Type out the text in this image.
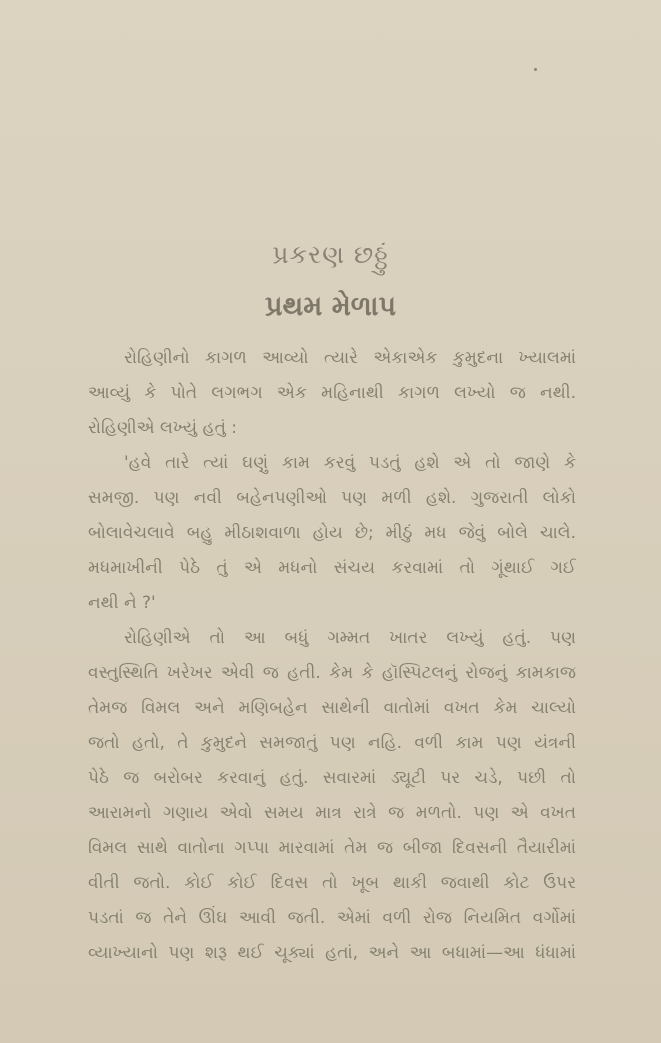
પ્રકરણ છઠ્ઠું
પ્રથમ મેળાપ
રોહિણીનો કાગળ આવ્યો ત્યારે એકાએક કુમુદના ખ્યાલમાં
આવ્યું કે પોતે લગભગ એક મહિનાથી કાગળ લખ્યો જ નથી.
રોહિણીએ લખ્યું હતું :
'હવે તારે ત્યાં ઘણું કામ કરવું પડતું હશે એ તો જાણે કે
સમજી. પણ નવી બહેનપણીઓ પણ મળી હશે. ગુજરાતી લોકો
બોલાવેચલાવે બહુ મીઠાશવાળા હોય છે; મીઠું મધ જેવું બોલે ચાલે.
મધમાખીની પેઠે તું એ મધનો સંચય કરવામાં તો ગૂંથાઈ ગઈ
નથી ને ?'
રોહિણીએ તો આ બધું ગમ્મત ખાતર લખ્યું હતું. પણ
વસ્તુસ્થિતિ ખરેખર એવી જ હતી. કેમ કે હૉસ્પિટલનું રોજનું કામકાજ
તેમજ વિમલ અને મણિબહેન સાથેની વાતોમાં વખત કેમ ચાલ્યો
જતો હતો, તે કુમુદને સમજાતું પણ નહિ. વળી કામ પણ યંત્રની
પેઠે જ બરોબર કરવાનું હતું. સવારમાં ડ્યૂટી પર ચડે, પછી તો
આરામનો ગણાય એવો સમય માત્ર રાત્રે જ મળતો. પણ એ વખત
વિમલ સાથે વાતોના ગપ્પા મારવામાં તેમ જ બીજા દિવસની તૈયારીમાં
વીતી જતો. કોઈ કોઈ દિવસ તો ખૂબ થાકી જવાથી કોટ ઉપર
પડતાં જ તેને ઊંઘ આવી જતી. એમાં વળી રોજ નિયમિત વર્ગોમાં
વ્યાખ્યાનો પણ શરૂ થઈ ચૂક્યાં હતાં, અને આ બધામાં—આ ધંધામાં
